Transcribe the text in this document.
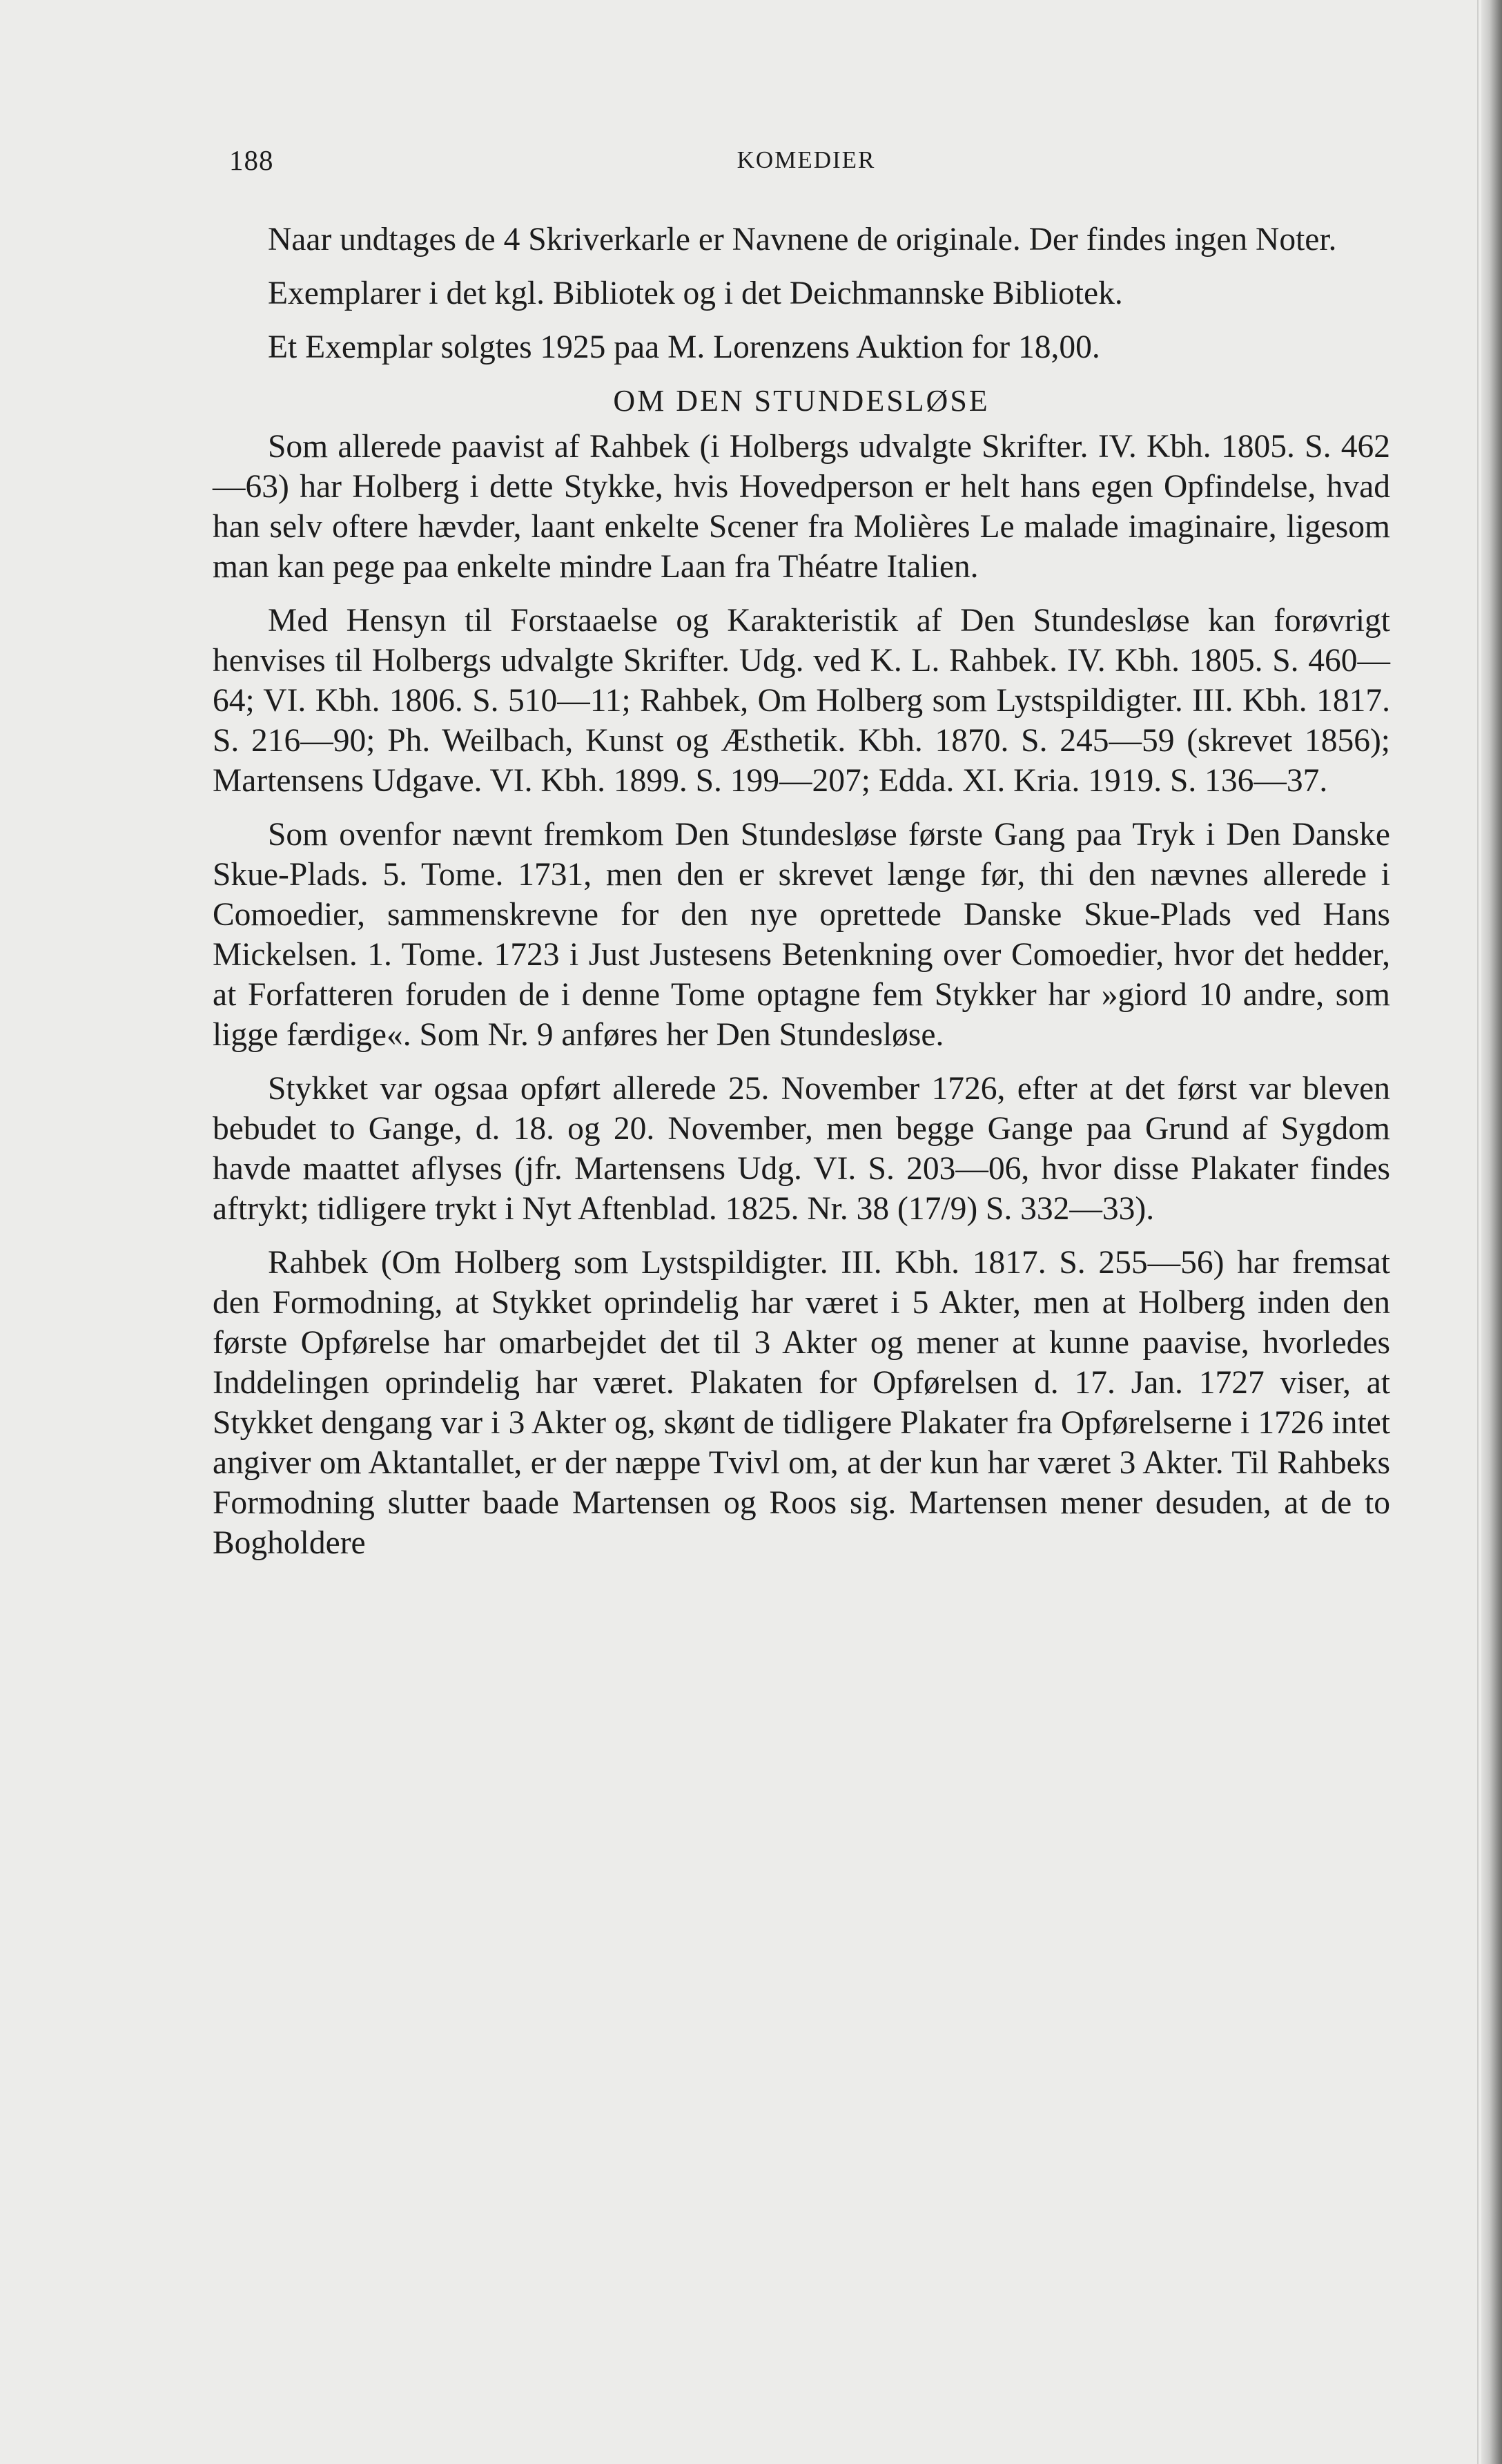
188	KOMEDIER

Naar undtages de 4 Skriverkarle er Navnene de originale. Der findes ingen Noter.

Exemplarer i det kgl. Bibliotek og i det Deichmannske Bibliotek.

Et Exemplar solgtes 1925 paa M. Lorenzens Auktion for 18,00.

OM DEN STUNDESLØSE

Som allerede paavist af Rahbek (i Holbergs udvalgte Skrifter. IV. Kbh. 1805. S. 462—63) har Holberg i dette Stykke, hvis Hovedperson er helt hans egen Opfindelse, hvad han selv oftere hævder, laant enkelte Scener fra Molières Le malade imaginaire, ligesom man kan pege paa enkelte mindre Laan fra Théatre Italien.

Med Hensyn til Forstaaelse og Karakteristik af Den Stundesløse kan forøvrigt henvises til Holbergs udvalgte Skrifter. Udg. ved K. L. Rahbek. IV. Kbh. 1805. S. 460—64; VI. Kbh. 1806. S. 510—11; Rahbek, Om Holberg som Lystspildigter. III. Kbh. 1817. S. 216—90; Ph. Weilbach, Kunst og Æsthetik. Kbh. 1870. S. 245—59 (skrevet 1856); Martensens Udgave. VI. Kbh. 1899. S. 199—207; Edda. XI. Kria. 1919. S. 136—37.

Som ovenfor nævnt fremkom Den Stundesløse første Gang paa Tryk i Den Danske Skue-Plads. 5. Tome. 1731, men den er skrevet længe før, thi den nævnes allerede i Comoedier, sammenskrevne for den nye oprettede Danske Skue-Plads ved Hans Mickelsen. 1. Tome. 1723 i Just Justesens Betenkning over Comoedier, hvor det hedder, at Forfatteren foruden de i denne Tome optagne fem Stykker har »giord 10 andre, som ligge færdige«. Som Nr. 9 anføres her Den Stundesløse.

Stykket var ogsaa opført allerede 25. November 1726, efter at det først var bleven bebudet to Gange, d. 18. og 20. November, men begge Gange paa Grund af Sygdom havde maattet aflyses (jfr. Martensens Udg. VI. S. 203—06, hvor disse Plakater findes aftrykt; tidligere trykt i Nyt Aftenblad. 1825. Nr. 38 (17/9) S. 332—33).

Rahbek (Om Holberg som Lystspildigter. III. Kbh. 1817. S. 255—56) har fremsat den Formodning, at Stykket oprindelig har været i 5 Akter, men at Holberg inden den første Opførelse har omarbejdet det til 3 Akter og mener at kunne paavise, hvorledes Inddelingen oprindelig har været. Plakaten for Opførelsen d. 17. Jan. 1727 viser, at Stykket dengang var i 3 Akter og, skønt de tidligere Plakater fra Opførelserne i 1726 intet angiver om Aktantallet, er der næppe Tvivl om, at der kun har været 3 Akter. Til Rahbeks Formodning slutter baade Martensen og Roos sig. Martensen mener desuden, at de to Bogholdere
